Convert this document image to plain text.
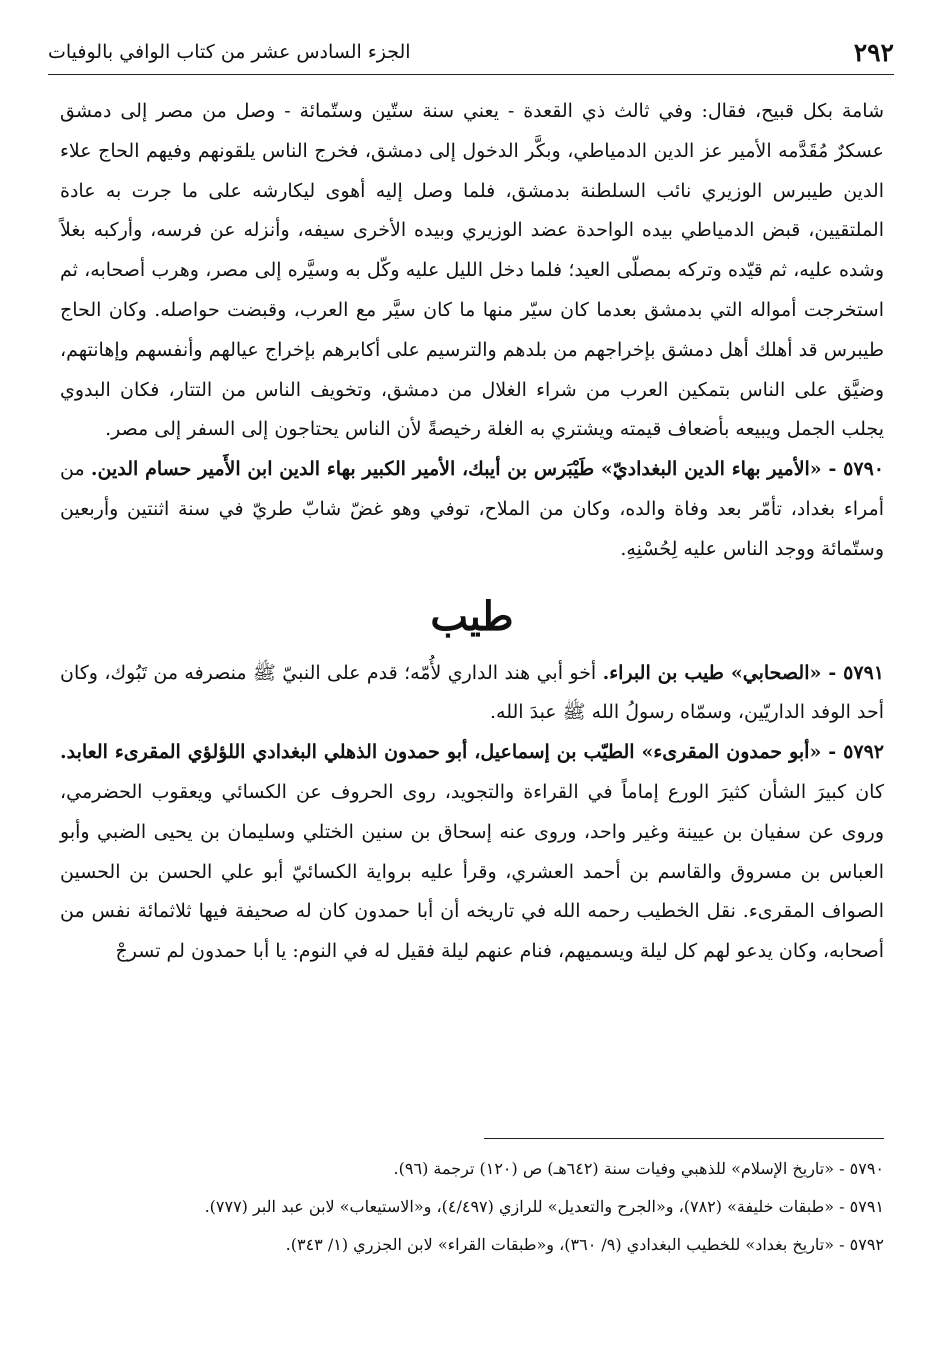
٢٩٢
الجزء السادس عشر من كتاب الوافي بالوفيات

شامة بكل قبيح، فقال: وفي ثالث ذي القعدة - يعني سنة ستّين وستّمائة - وصل من مصر إلى دمشق عسكرٌ مُقَدَّمه الأمير عز الدين الدمياطي، وبكَّر الدخول إلى دمشق، فخرج الناس يلقونهم وفيهم الحاج علاء الدين طيبرس الوزيري نائب السلطنة بدمشق، فلما وصل إليه أهوى ليكارشه على ما جرت به عادة الملتقيين، قبض الدمياطي بيده الواحدة عضد الوزيري وبيده الأخرى سيفه، وأنزله عن فرسه، وأركبه بغلاً وشده عليه، ثم قيّده وتركه بمصلّى العيد؛ فلما دخل الليل عليه وكّل به وسيَّره إلى مصر، وهرب أصحابه، ثم استخرجت أمواله التي بدمشق بعدما كان سيّر منها ما كان سيَّر مع العرب، وقبضت حواصله. وكان الحاج طيبرس قد أهلك أهل دمشق بإخراجهم من بلدهم والترسيم على أكابرهم بإخراج عيالهم وأنفسهم وإهانتهم، وضيَّق على الناس بتمكين العرب من شراء الغلال من دمشق، وتخويف الناس من التتار، فكان البدوي يجلب الجمل ويبيعه بأضعاف قيمته ويشتري به الغلة رخيصةً لأن الناس يحتاجون إلى السفر إلى مصر.

٥٧٩٠ - «الأمير بهاء الدين البغداديّ» طَيْبَرس بن أيبك، الأمير الكبير بهاء الدين ابن الأَمير حسام الدين. من أمراء بغداد، تأمّر بعد وفاة والده، وكان من الملاح، توفي وهو غضّ شابّ طريّ في سنة اثنتين وأربعين وستّمائة ووجد الناس عليه لِحُسْنِهِ.

طيب

٥٧٩١ - «الصحابي» طيب بن البراء. أخو أبي هند الداري لأُمّه؛ قدم على النبيّ ﷺ منصرفه من تَبُوك، وكان أحد الوفد الداريّين، وسمّاه رسولُ الله ﷺ عبدَ الله.

٥٧٩٢ - «أبو حمدون المقرىء» الطيّب بن إسماعيل، أبو حمدون الذهلي البغدادي اللؤلؤي المقرىء العابد. كان كبيرَ الشأن كثيرَ الورع إماماً في القراءة والتجويد، روى الحروف عن الكسائي ويعقوب الحضرمي، وروى عن سفيان بن عيينة وغير واحد، وروى عنه إسحاق بن سنين الختلي وسليمان بن يحيى الضبي وأبو العباس بن مسروق والقاسم بن أحمد العشري، وقرأ عليه برواية الكسائيّ أبو علي الحسن بن الحسين الصواف المقرىء. نقل الخطيب رحمه الله في تاريخه أن أبا حمدون كان له صحيفة فيها ثلاثمائة نفس من أصحابه، وكان يدعو لهم كل ليلة ويسميهم، فنام عنهم ليلة فقيل له في النوم: يا أبا حمدون لم تسرجْ

٥٧٩٠ - «تاريخ الإسلام» للذهبي وفيات سنة (٦٤٢هـ) ص (١٢٠) ترجمة (٩٦).

٥٧٩١ - «طبقات خليفة» (٧٨٢)، و«الجرح والتعديل» للرازي (٤/٤٩٧)، و«الاستيعاب» لابن عبد البر (٧٧٧).

٥٧٩٢ - «تاريخ بغداد» للخطيب البغدادي (٩/ ٣٦٠)، و«طبقات القراء» لابن الجزري (١/ ٣٤٣).
